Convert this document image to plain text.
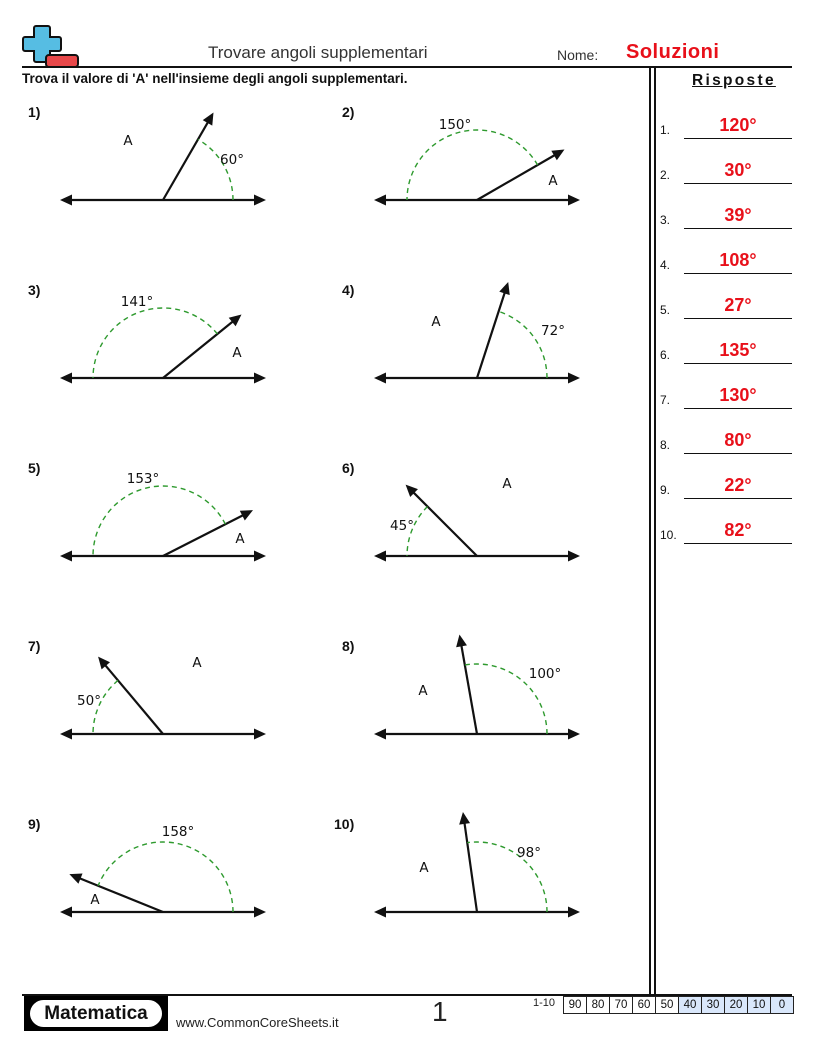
Trovare angoli supplementari	Nome: Soluzioni
Trova il valore di 'A' nell'insieme degli angoli supplementari.
1)	2)
3)	4)
5)	6)
7)	8)
9)	10)
60°
A
150°
A
141°
A
72°
A
153°
A
45°
A
50°
A
100°
A
158°
A
98°
A
Risposte
1.	120°
2.	30°
3.	39°
4.	108°
5.	27°
6.	135°
7.	130°
8.	80°
9.	22°
10.	82°
Matematica	www.CommonCoreSheets.it	1	1-10	90 80 70 60 50 40 30 20 10	0
